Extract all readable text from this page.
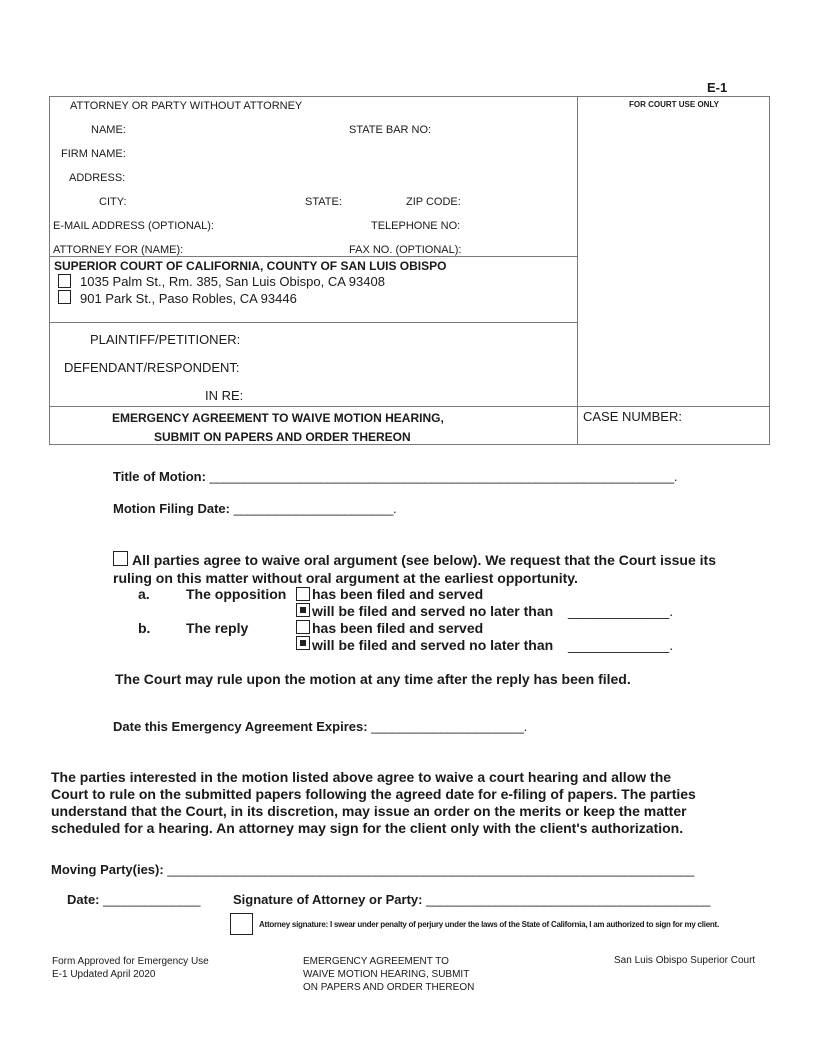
E-1
ATTORNEY OR PARTY WITHOUT ATTORNEY	FOR COURT USE ONLY
NAME:	STATE BAR NO:
FIRM NAME:
ADDRESS:
CITY:	STATE:	ZIP CODE:
E-MAIL ADDRESS (OPTIONAL):	TELEPHONE NO:
ATTORNEY FOR (NAME):	FAX NO. (OPTIONAL):
SUPERIOR COURT OF CALIFORNIA, COUNTY OF SAN LUIS OBISPO
1035 Palm St., Rm. 385, San Luis Obispo, CA 93408
901 Park St., Paso Robles, CA 93446
PLAINTIFF/PETITIONER:
DEFENDANT/RESPONDENT:
IN RE:
EMERGENCY AGREEMENT TO WAIVE MOTION HEARING,
SUBMIT ON PAPERS AND ORDER THEREON
CASE NUMBER:
Title of Motion: ___________________________________________________________________.
Motion Filing Date: _______________________.
All parties agree to waive oral argument (see below). We request that the Court issue its
ruling on this matter without oral argument at the earliest opportunity.
a.	The opposition has been filed and served
will be filed and served no later than _____________.
b.	The reply	has been filed and served
will be filed and served no later than _____________.
The Court may rule upon the motion at any time after the reply has been filed.
Date this Emergency Agreement Expires: ______________________.
The parties interested in the motion listed above agree to waive a court hearing and allow the
Court to rule on the submitted papers following the agreed date for e-filing of papers. The parties
understand that the Court, in its discretion, may issue an order on the merits or keep the matter
scheduled for a hearing. An attorney may sign for the client only with the client's authorization.
Moving Party(ies): ____________________________________________________________________________
Date: ______________	Signature of Attorney or Party: _________________________________________
Attorney signature: I swear under penalty of perjury under the laws of the State of California, I am authorized to sign for my client.
Form Approved for Emergency Use
E-1 Updated April 2020
EMERGENCY AGREEMENT TO
WAIVE MOTION HEARING, SUBMIT
ON PAPERS AND ORDER THEREON
San Luis Obispo Superior Court
